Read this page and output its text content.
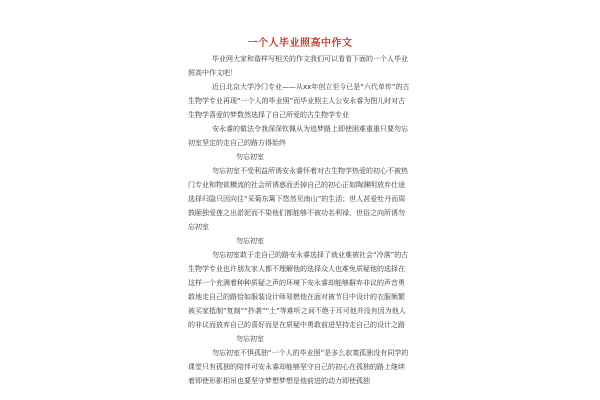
一个人毕业照高中作文

毕业网大家和谐样写相关的作文我们可以看看下面的一个人毕业照高中作文吧！

近日北京大学冷门专业——从xx年创立至今已是“六代单传”的古生物学专业再现“一个人的毕业照”而毕业照主人公安永睿为图儿时对古生物学喜爱的梦数然选择了自己所爱的古生物学专业

安永睿的做法令我深深钦佩从为追梦路上即使困难重重只要勿忘初室坚定的走自己的路方得始终

勿忘初室

勿忘初室不受利益所诱安永睿怀着对古生物学热爱的初心不被热门专业和物欲横流的社会所诱惑而丢掉自己的初心正如陶渊明放弃仕途选择归隐只因向往“采菊东篱下悠然见南山”的生活；世人甚爱牡丹而周敦颐独爱莲之出淤泥而不染他们都能够不被功名利禄、世俗之向所诱勿忘初室

勿忘初室

勿忘初室敢于走自己的路安永睿选择了就业难被社会“冷落”的古生物学专业也许朋友家人都不理解他的选择众人也难免质疑他的选择在这样一个充满着种种质疑之声的环境下安永睿却能够摒弃非议的声音勇敢地走自己的路恰如服装设计师易燃他在面对被节目中设计的衣服频繁被买家抵制“复制”“抄袭”“土”等难听之词不绝于耳可他并没有因为他人的非议而放弃自己的喜好而是在质疑中勇敢前进坚持走自己的设计之路

勿忘初室

勿忘初室不惧孤独“一个人的毕业照”是多么寂寞孤独没有同学的课堂只有孤独的陪伴可安永睿却能够坚守自己的初心在孤独的路上继续着即使形影相吊也要坚守梦想梦想是他前进的动力即使孤独
